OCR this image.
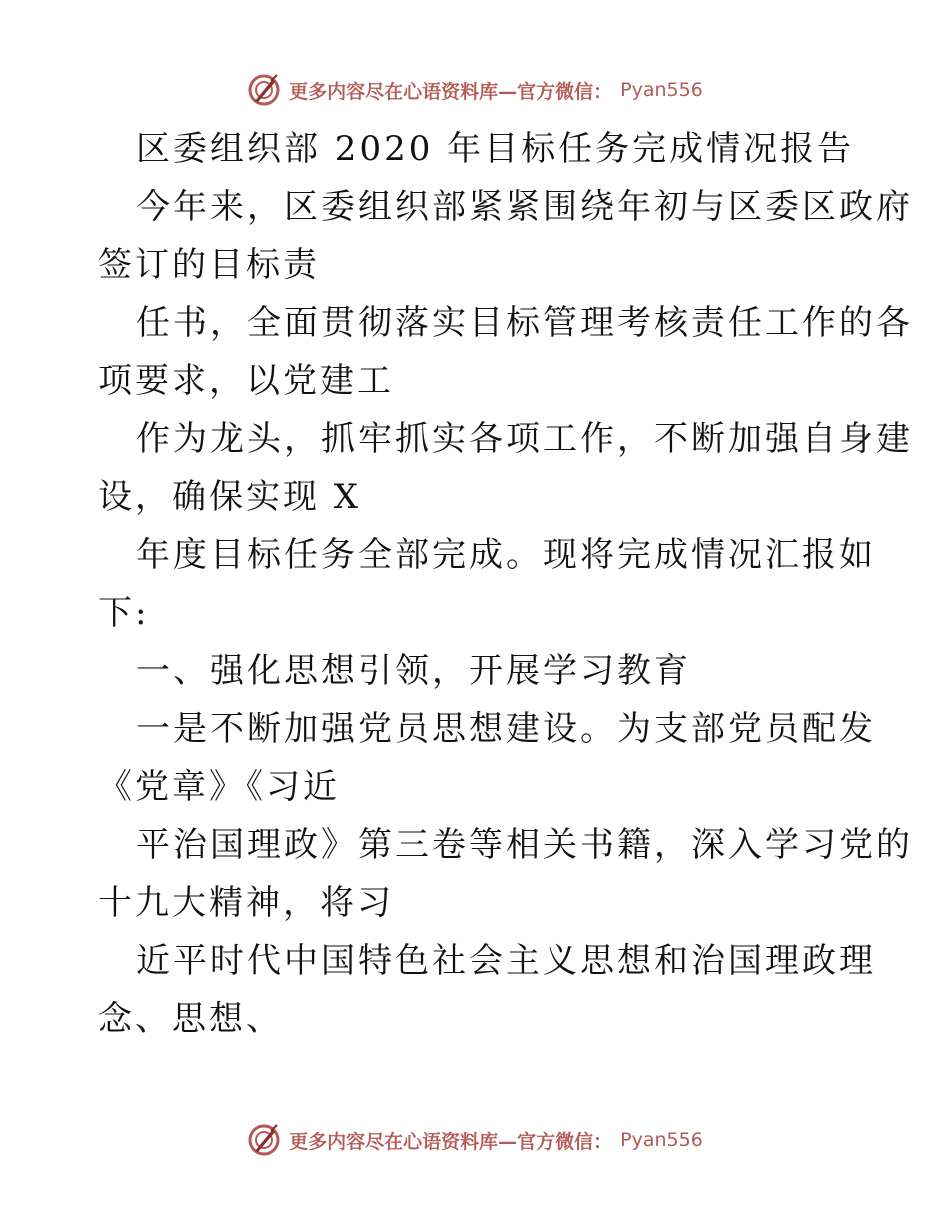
更多内容尽在心语资料库—官方微信： Pyan556
区委组织部 2020 年目标任务完成情况报告
今年来，区委组织部紧紧围绕年初与区委区政府
签订的目标责
任书，全面贯彻落实目标管理考核责任工作的各
项要求，以党建工
作为龙头，抓牢抓实各项工作，不断加强自身建
设，确保实现 X
年度目标任务全部完成。现将完成情况汇报如
下:
一、强化思想引领，开展学习教育
一是不断加强党员思想建设。为支部党员配发
《党章》《习近
平治国理政》第三卷等相关书籍，深入学习党的
十九大精神，将习
近平时代中国特色社会主义思想和治国理政理
念、思想、
更多内容尽在心语资料库—官方微信： Pyan556
